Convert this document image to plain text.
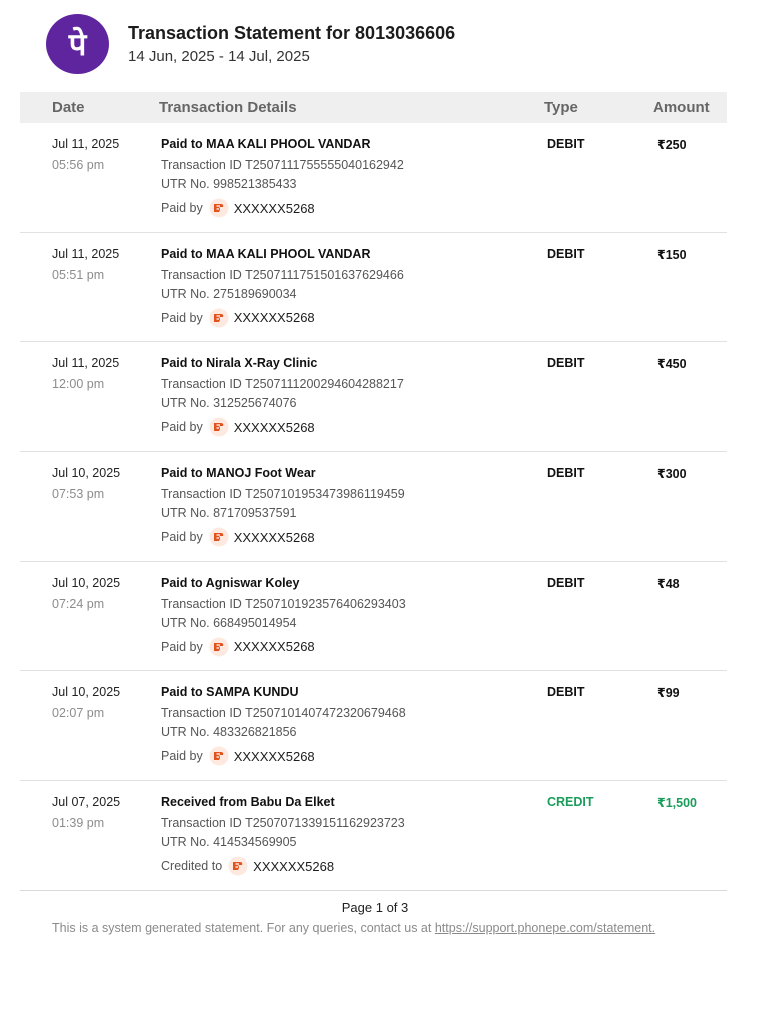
पे Transaction Statement for 8013036606
14 Jun, 2025 - 14 Jul, 2025
Date	Transaction Details	Type	Amount
Jul 11, 2025
05:56 pm
Paid to MAA KALI PHOOL VANDAR
Transaction ID T2507111755555040162942
UTR No. 998521385433
Paid by XXXXXX5268
DEBIT	₹250
Jul 11, 2025
05:51 pm
Paid to MAA KALI PHOOL VANDAR
Transaction ID T2507111751501637629466
UTR No. 275189690034
Paid by XXXXXX5268
DEBIT	₹150
Jul 11, 2025
12:00 pm
Paid to Nirala X-Ray Clinic
Transaction ID T2507111200294604288217
UTR No. 312525674076
Paid by XXXXXX5268
DEBIT	₹450
Jul 10, 2025
07:53 pm
Paid to MANOJ Foot Wear
Transaction ID T2507101953473986119459
UTR No. 871709537591
Paid by XXXXXX5268
DEBIT	₹300
Jul 10, 2025
07:24 pm
Paid to Agniswar Koley
Transaction ID T2507101923576406293403
UTR No. 668495014954
Paid by XXXXXX5268
DEBIT	₹48
Jul 10, 2025
02:07 pm
Paid to SAMPA KUNDU
Transaction ID T2507101407472320679468
UTR No. 483326821856
Paid by XXXXXX5268
DEBIT	₹99
Jul 07, 2025
01:39 pm
Received from Babu Da Elket
Transaction ID T2507071339151162923723
UTR No. 414534569905
Credited to XXXXXX5268
CREDIT	₹1,500
Page 1 of 3
This is a system generated statement. For any queries, contact us at https://support.phonepe.com/statement.
